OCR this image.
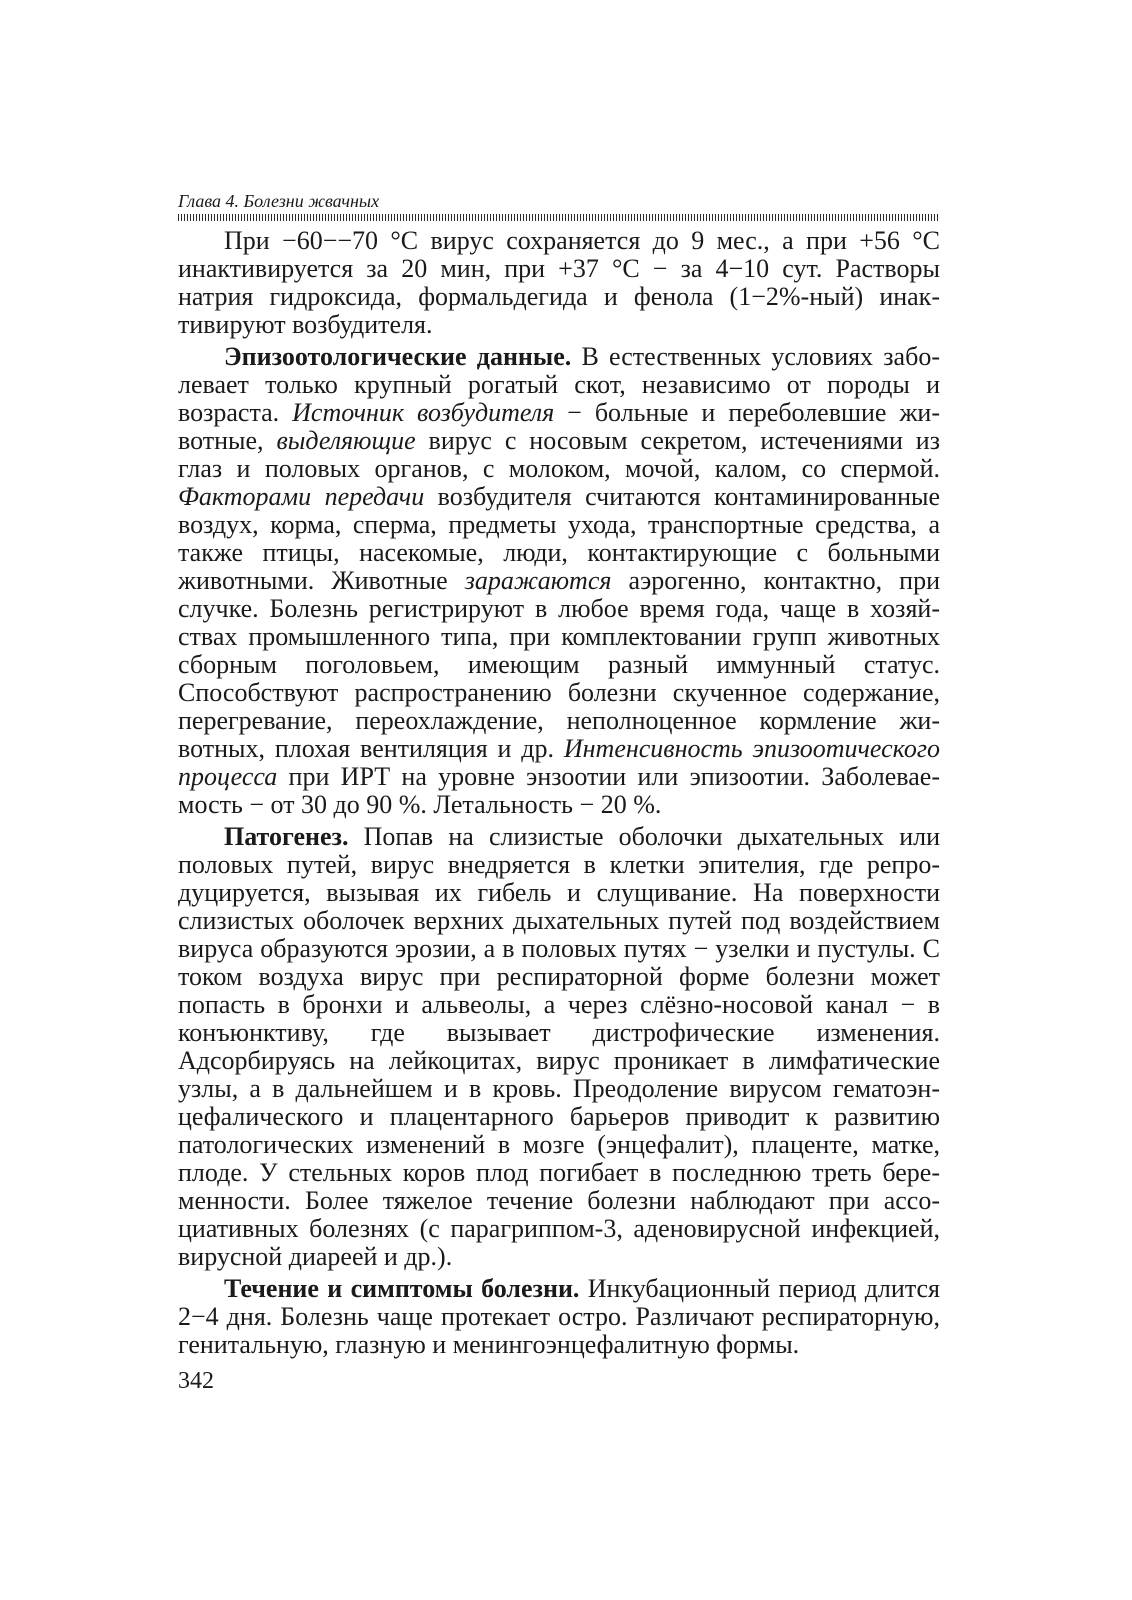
Глава 4. Болезни жвачных

При −60−−70 °С вирус сохраняется до 9 мес., а при +56 °С инактивируется за 20 мин, при +37 °С − за 4−10 сут. Растворы натрия гидроксида, формальдегида и фенола (1−2%-ный) инактивируют возбудителя.

Эпизоотологические данные. В естественных условиях заболевает только крупный рогатый скот, независимо от породы и возраста. Источник возбудителя − больные и переболевшие животные, выделяющие вирус с носовым секретом, истечениями из глаз и половых органов, с молоком, мочой, калом, со спермой. Факторами передачи возбудителя считаются контаминированные воздух, корма, сперма, предметы ухода, транспортные средства, а также птицы, насекомые, люди, контактирующие с больными животными. Животные заражаются аэрогенно, контактно, при случке. Болезнь регистрируют в любое время года, чаще в хозяйствах промышленного типа, при комплектовании групп животных сборным поголовьем, имеющим разный иммунный статус. Способствуют распространению болезни скученное содержание, перегревание, переохлаждение, неполноценное кормление животных, плохая вентиляция и др. Интенсивность эпизоотического процесса при ИРТ на уровне энзоотии или эпизоотии. Заболеваемость − от 30 до 90 %. Летальность − 20 %.

Патогенез. Попав на слизистые оболочки дыхательных или половых путей, вирус внедряется в клетки эпителия, где репродуцируется, вызывая их гибель и слущивание. На поверхности слизистых оболочек верхних дыхательных путей под воздействием вируса образуются эрозии, а в половых путях − узелки и пустулы. С током воздуха вирус при респираторной форме болезни может попасть в бронхи и альвеолы, а через слёзно-носовой канал − в конъюнктиву, где вызывает дистрофические изменения. Адсорбируясь на лейкоцитах, вирус проникает в лимфатические узлы, а в дальнейшем и в кровь. Преодоление вирусом гематоэнцефалического и плацентарного барьеров приводит к развитию патологических изменений в мозге (энцефалит), плаценте, матке, плоде. У стельных коров плод погибает в последнюю треть беременности. Более тяжелое течение болезни наблюдают при ассоциативных болезнях (с парагриппом-3, аденовирусной инфекцией, вирусной диареей и др.).

Течение и симптомы болезни. Инкубационный период длится 2−4 дня. Болезнь чаще протекает остро. Различают респираторную, генитальную, глазную и менингоэнцефалитную формы.

342
